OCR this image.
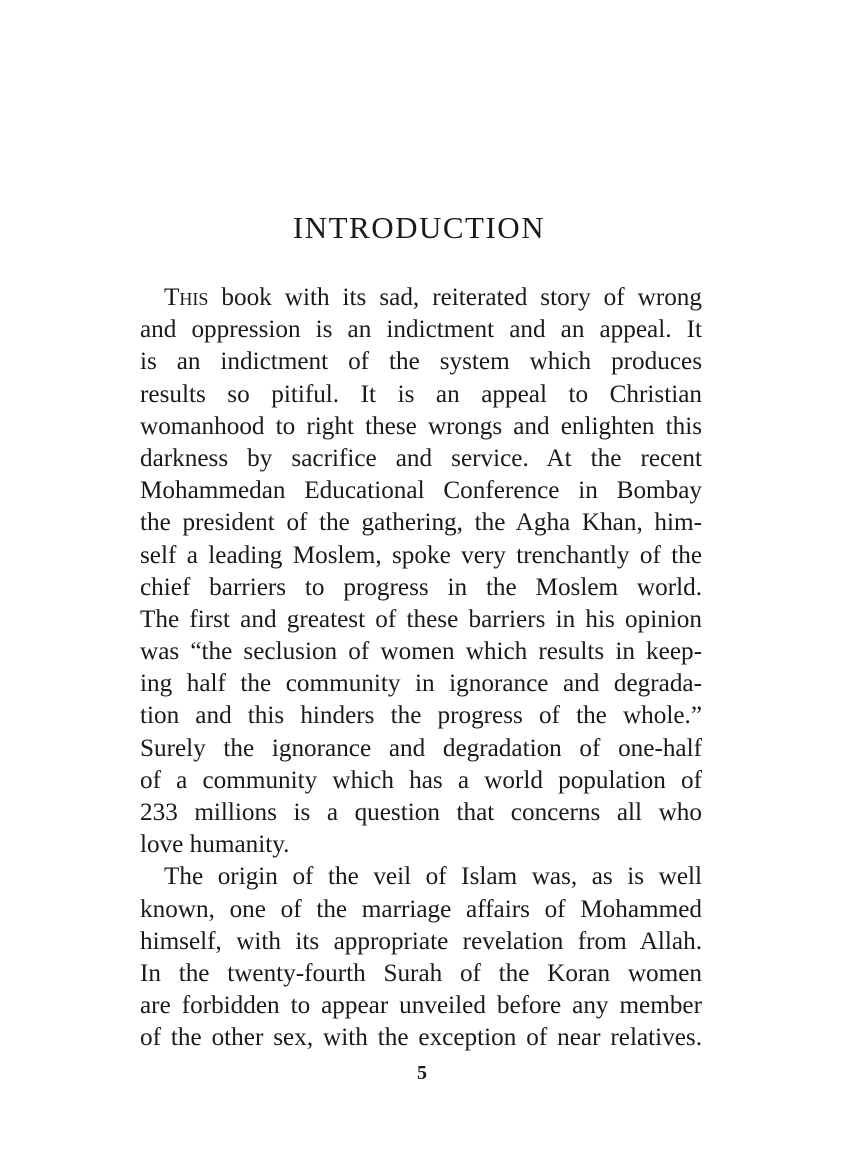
INTRODUCTION
This book with its sad, reiterated story of wrong
and oppression is an indictment and an appeal. It
is an indictment of the system which produces
results so pitiful. It is an appeal to Christian
womanhood to right these wrongs and enlighten this
darkness by sacrifice and service. At the recent
Mohammedan Educational Conference in Bombay
the president of the gathering, the Agha Khan, him-
self a leading Moslem, spoke very trenchantly of the
chief barriers to progress in the Moslem world.
The first and greatest of these barriers in his opinion
was “the seclusion of women which results in keep-
ing half the community in ignorance and degrada-
tion and this hinders the progress of the whole.”
Surely the ignorance and degradation of one-half
of a community which has a world population of
233 millions is a question that concerns all who
love humanity.
The origin of the veil of Islam was, as is well
known, one of the marriage affairs of Mohammed
himself, with its appropriate revelation from Allah.
In the twenty-fourth Surah of the Koran women
are forbidden to appear unveiled before any member
of the other sex, with the exception of near relatives.
5
